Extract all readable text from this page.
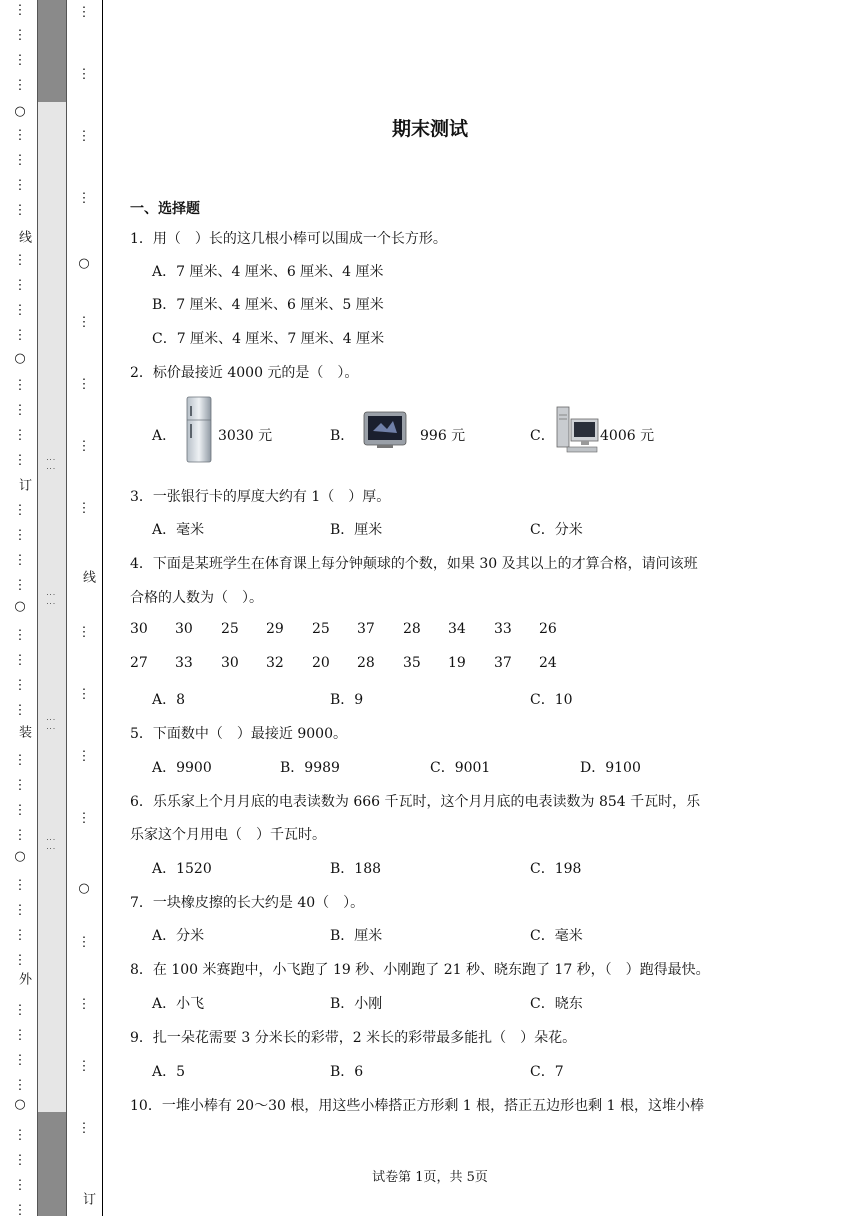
⋮⋮
⋮⋮
⋮⋮
⋮⋮
⋮
⋮
⋮
⋮
⋮
⋮
⋮
⋮
⋮
⋮
⋮
⋮
⋮
⋮
⋮
⋮
⋮
⋮
⋮
⋮
⋮
⋮
⋮
⋮
⋮
⋮
⋮
⋮
⋮
⋮
⋮
⋮
⋮
⋮
⋮
⋮
⋮
⋮
⋮
⋮
○
线
○
订
○
装
○
外
○
⋮
⋮
⋮
⋮
⋮
⋮
⋮
⋮
⋮
⋮
⋮
⋮
⋮
⋮
⋮
⋮
○
线
○
订
期末测试
一、选择题
1．用（　）长的这几根小棒可以围成一个长方形。
A．7 厘米、4 厘米、6 厘米、4 厘米
B．7 厘米、4 厘米、6 厘米、5 厘米
C．7 厘米、4 厘米、7 厘米、4 厘米
2．标价最接近 4000 元的是（　）。
A．	3030 元	B．	996 元	C．	4006 元
3．一张银行卡的厚度大约有 1（　）厚。
A．毫米	B．厘米	C．分米
4．下面是某班学生在体育课上每分钟颠球的个数，如果 30 及其以上的才算合格，请问该班
合格的人数为（　）。
30 30 25 29 25 37 28 34 33 26
27 33 30 32 20 28 35 19 37 24
A．8	B．9	C．10
5．下面数中（　）最接近 9000。
A．9900	B．9989	C．9001	D．9100
6．乐乐家上个月月底的电表读数为 666 千瓦时，这个月月底的电表读数为 854 千瓦时，乐
乐家这个月用电（　）千瓦时。
A．1520	B．188	C．198
7．一块橡皮擦的长大约是 40（　）。
A．分米	B．厘米	C．毫米
8．在 100 米赛跑中，小飞跑了 19 秒、小刚跑了 21 秒、晓东跑了 17 秒，（　）跑得最快。
A．小飞	B．小刚	C．晓东
9．扎一朵花需要 3 分米长的彩带，2 米长的彩带最多能扎（　）朵花。
A．5	B．6	C．7
10．一堆小棒有 20～30 根，用这些小棒搭正方形剩 1 根，搭正五边形也剩 1 根，这堆小棒
试卷第 1页，共 5页
